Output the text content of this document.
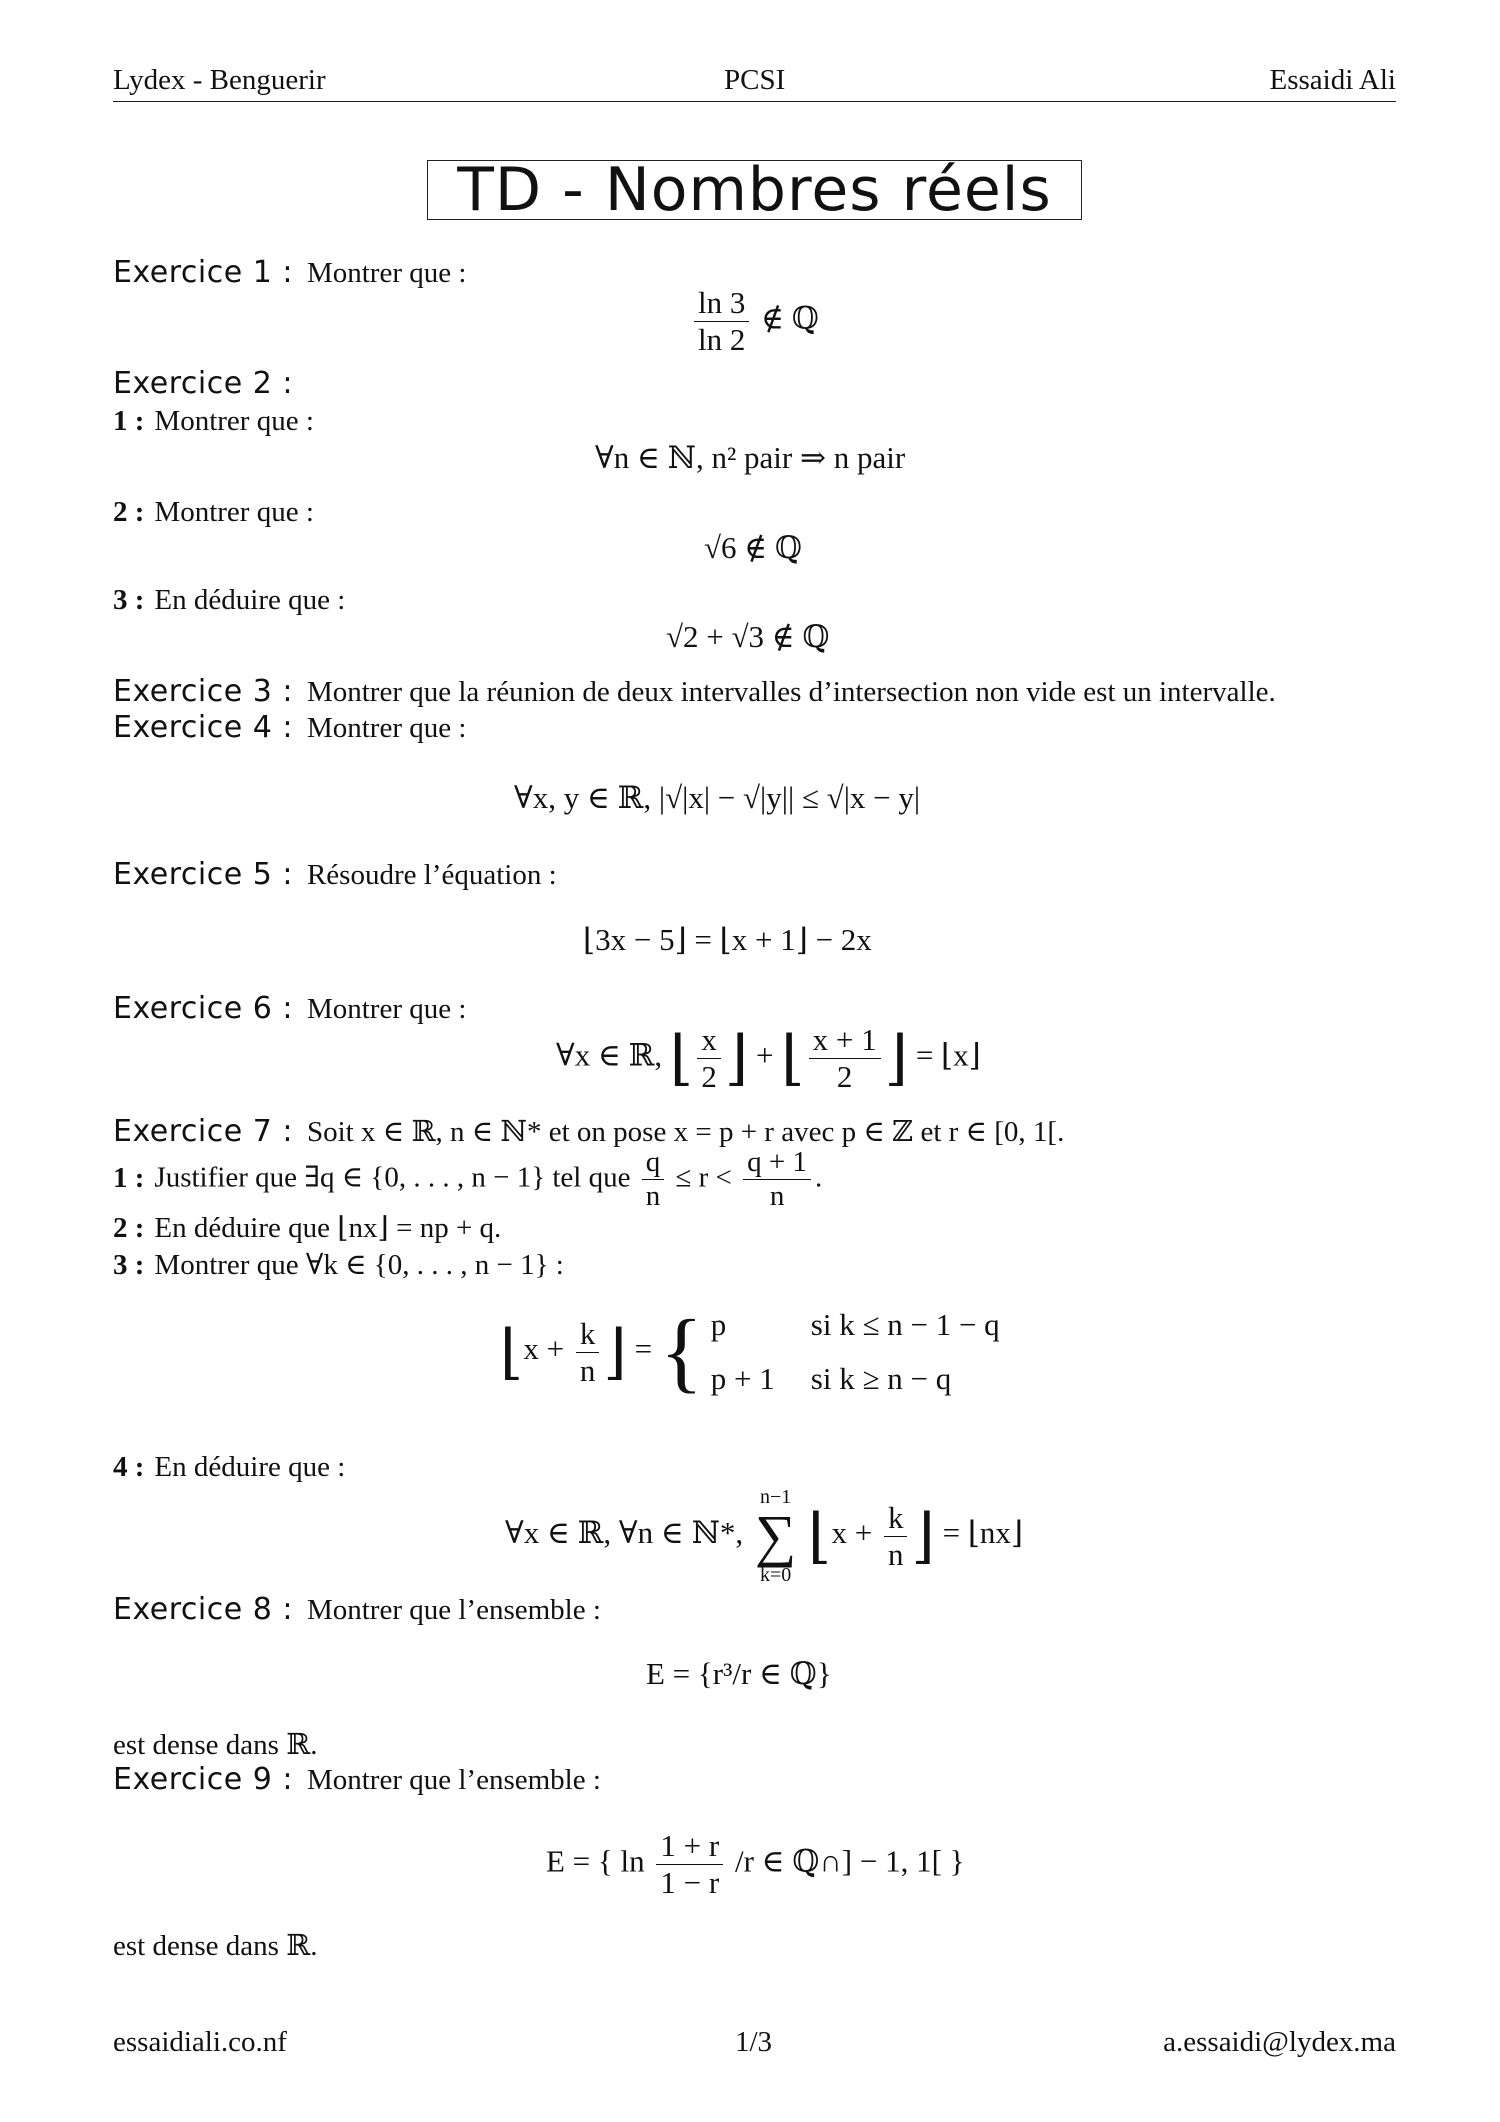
Lydex - Benguerir	PCSI	Essaidi Ali
TD - Nombres réels
Exercice 1 : Montrer que :
$\frac{\ln 3}{\ln 2}$ ∉ ℚ
Exercice 2 :
1 : Montrer que :
∀n ∈ ℕ, n² pair ⇒ n pair
2 : Montrer que :
√6 ∉ ℚ
3 : En déduire que :
√2 + √3 ∉ ℚ
Exercice 3 : Montrer que la réunion de deux intervalles d’intersection non vide est un intervalle.
Exercice 4 : Montrer que :
∀x, y ∈ ℝ, |√|x| − √|y|| ≤ √|x − y|
Exercice 5 : Résoudre l’équation :
⌊3x − 5⌋ = ⌊x + 1⌋ − 2x
Exercice 6 : Montrer que :
∀x ∈ ℝ, ⌊ $\frac{x}{2}$ ⌋ + ⌊ $\frac{x + 1}{2}$ ⌋ = ⌊x⌋
Exercice 7 : Soit x ∈ ℝ, n ∈ ℕ* et on pose x = p + r avec p ∈ ℤ et r ∈ [0, 1[.
1 : Justifier que ∃q ∈ {0, . . . , n − 1} tel que $\frac{q}{n} \le r < \frac{q + 1}{n}$ .
2 : En déduire que ⌊nx⌋ = np + q.
3 : Montrer que ∀k ∈ {0, . . . , n − 1} :
⌊x + $\frac{k}{n}$ ⌋ = { p	si k ≤ n − 1 − q
p + 1 si k ≥ n − q
4 : En déduire que :
∀x ∈ ℝ, ∀n ∈ ℕ*,
n−1
∑
k=0
⌊x + $\frac{k}{n}$ ⌋ = ⌊nx⌋
Exercice 8 : Montrer que l’ensemble :
E = {r³/r ∈ ℚ}
est dense dans ℝ.
Exercice 9 : Montrer que l’ensemble :
E = { $\ln \frac{1 + r}{1 - r} /r$ ∈ ℚ∩] − 1, 1[ }
est dense dans ℝ.
essaidiali.co.nf	1/3	a.essaidi@lydex.ma
